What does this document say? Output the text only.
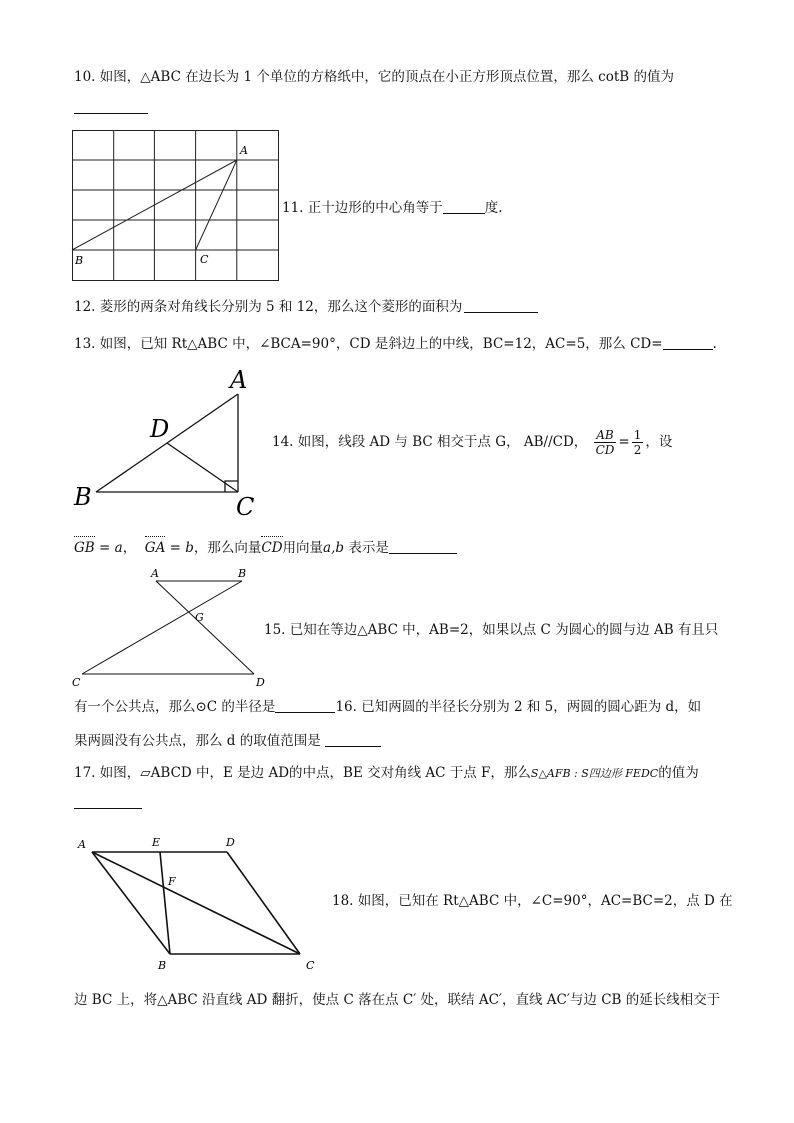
10. 如图，△ABC 在边长为 1 个单位的方格纸中，它的顶点在小正方形顶点位置，那么 cotB 的值为
A
B	C
11. 正十边形的中心角等于	度.
12. 菱形的两条对角线长分别为 5 和 12，那么这个菱形的面积为
13. 如图，已知 Rt△ABC 中，∠BCA=90°，CD 是斜边上的中线，BC=12，AC=5，那么 CD=	.
A
B	C
D	14. 如图，线段 AD 与 BC 相交于点 G， AB//CD， $\frac{AB}{CD} = \frac{1}{2}$ ，设
GB = a，  GA = b，那么向量CD用向量a,b 表示是
A	B
G
C	D
15. 已知在等边△ABC 中，AB=2，如果以点 C 为圆心的圆与边 AB 有且只
有一个公共点，那么⊙C 的半径是	16. 已知两圆的半径长分别为 2 和 5，两圆的圆心距为 d，如
果两圆没有公共点，那么 d 的取值范围是
17. 如图，▱ABCD 中，E 是边 AD的中点，BE 交对角线 AC 于点 F，那么S△AFB : S四边形 FEDC的值为
A	E	D
F
B	C
18. 如图，已知在 Rt△ABC 中，∠C=90°，AC=BC=2，点 D 在
边 BC 上，将△ABC 沿直线 AD 翻折，使点 C 落在点 C′ 处，联结 AC′，直线 AC′与边 CB 的延长线相交于
